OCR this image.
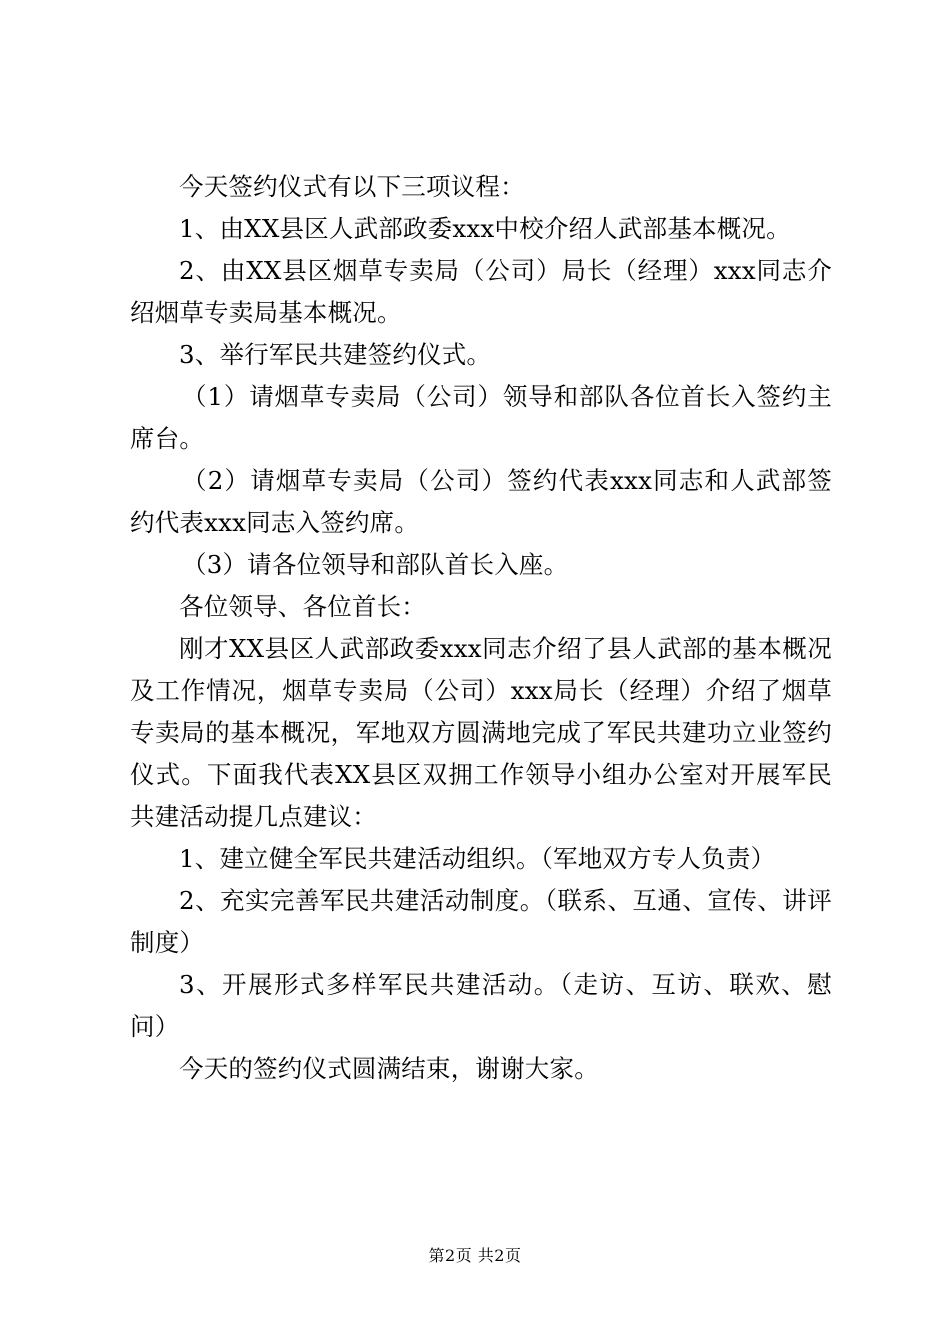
今天签约仪式有以下三项议程：

1、由XX县区人武部政委xxx中校介绍人武部基本概况。

2、由XX县区烟草专卖局（公司）局长（经理）xxx同志介绍烟草专卖局基本概况。

3、举行军民共建签约仪式。

（1）请烟草专卖局（公司）领导和部队各位首长入签约主席台。

（2）请烟草专卖局（公司）签约代表xxx同志和人武部签约代表xxx同志入签约席。

（3）请各位领导和部队首长入座。

各位领导、各位首长：

刚才XX县区人武部政委xxx同志介绍了县人武部的基本概况及工作情况，烟草专卖局（公司）xxx局长（经理）介绍了烟草专卖局的基本概况，军地双方圆满地完成了军民共建功立业签约仪式。下面我代表XX县区双拥工作领导小组办公室对开展军民共建活动提几点建议：

1、建立健全军民共建活动组织。（军地双方专人负责）

2、充实完善军民共建活动制度。（联系、互通、宣传、讲评制度）

3、开展形式多样军民共建活动。（走访、互访、联欢、慰问）

今天的签约仪式圆满结束，谢谢大家。

第2页 共2页
